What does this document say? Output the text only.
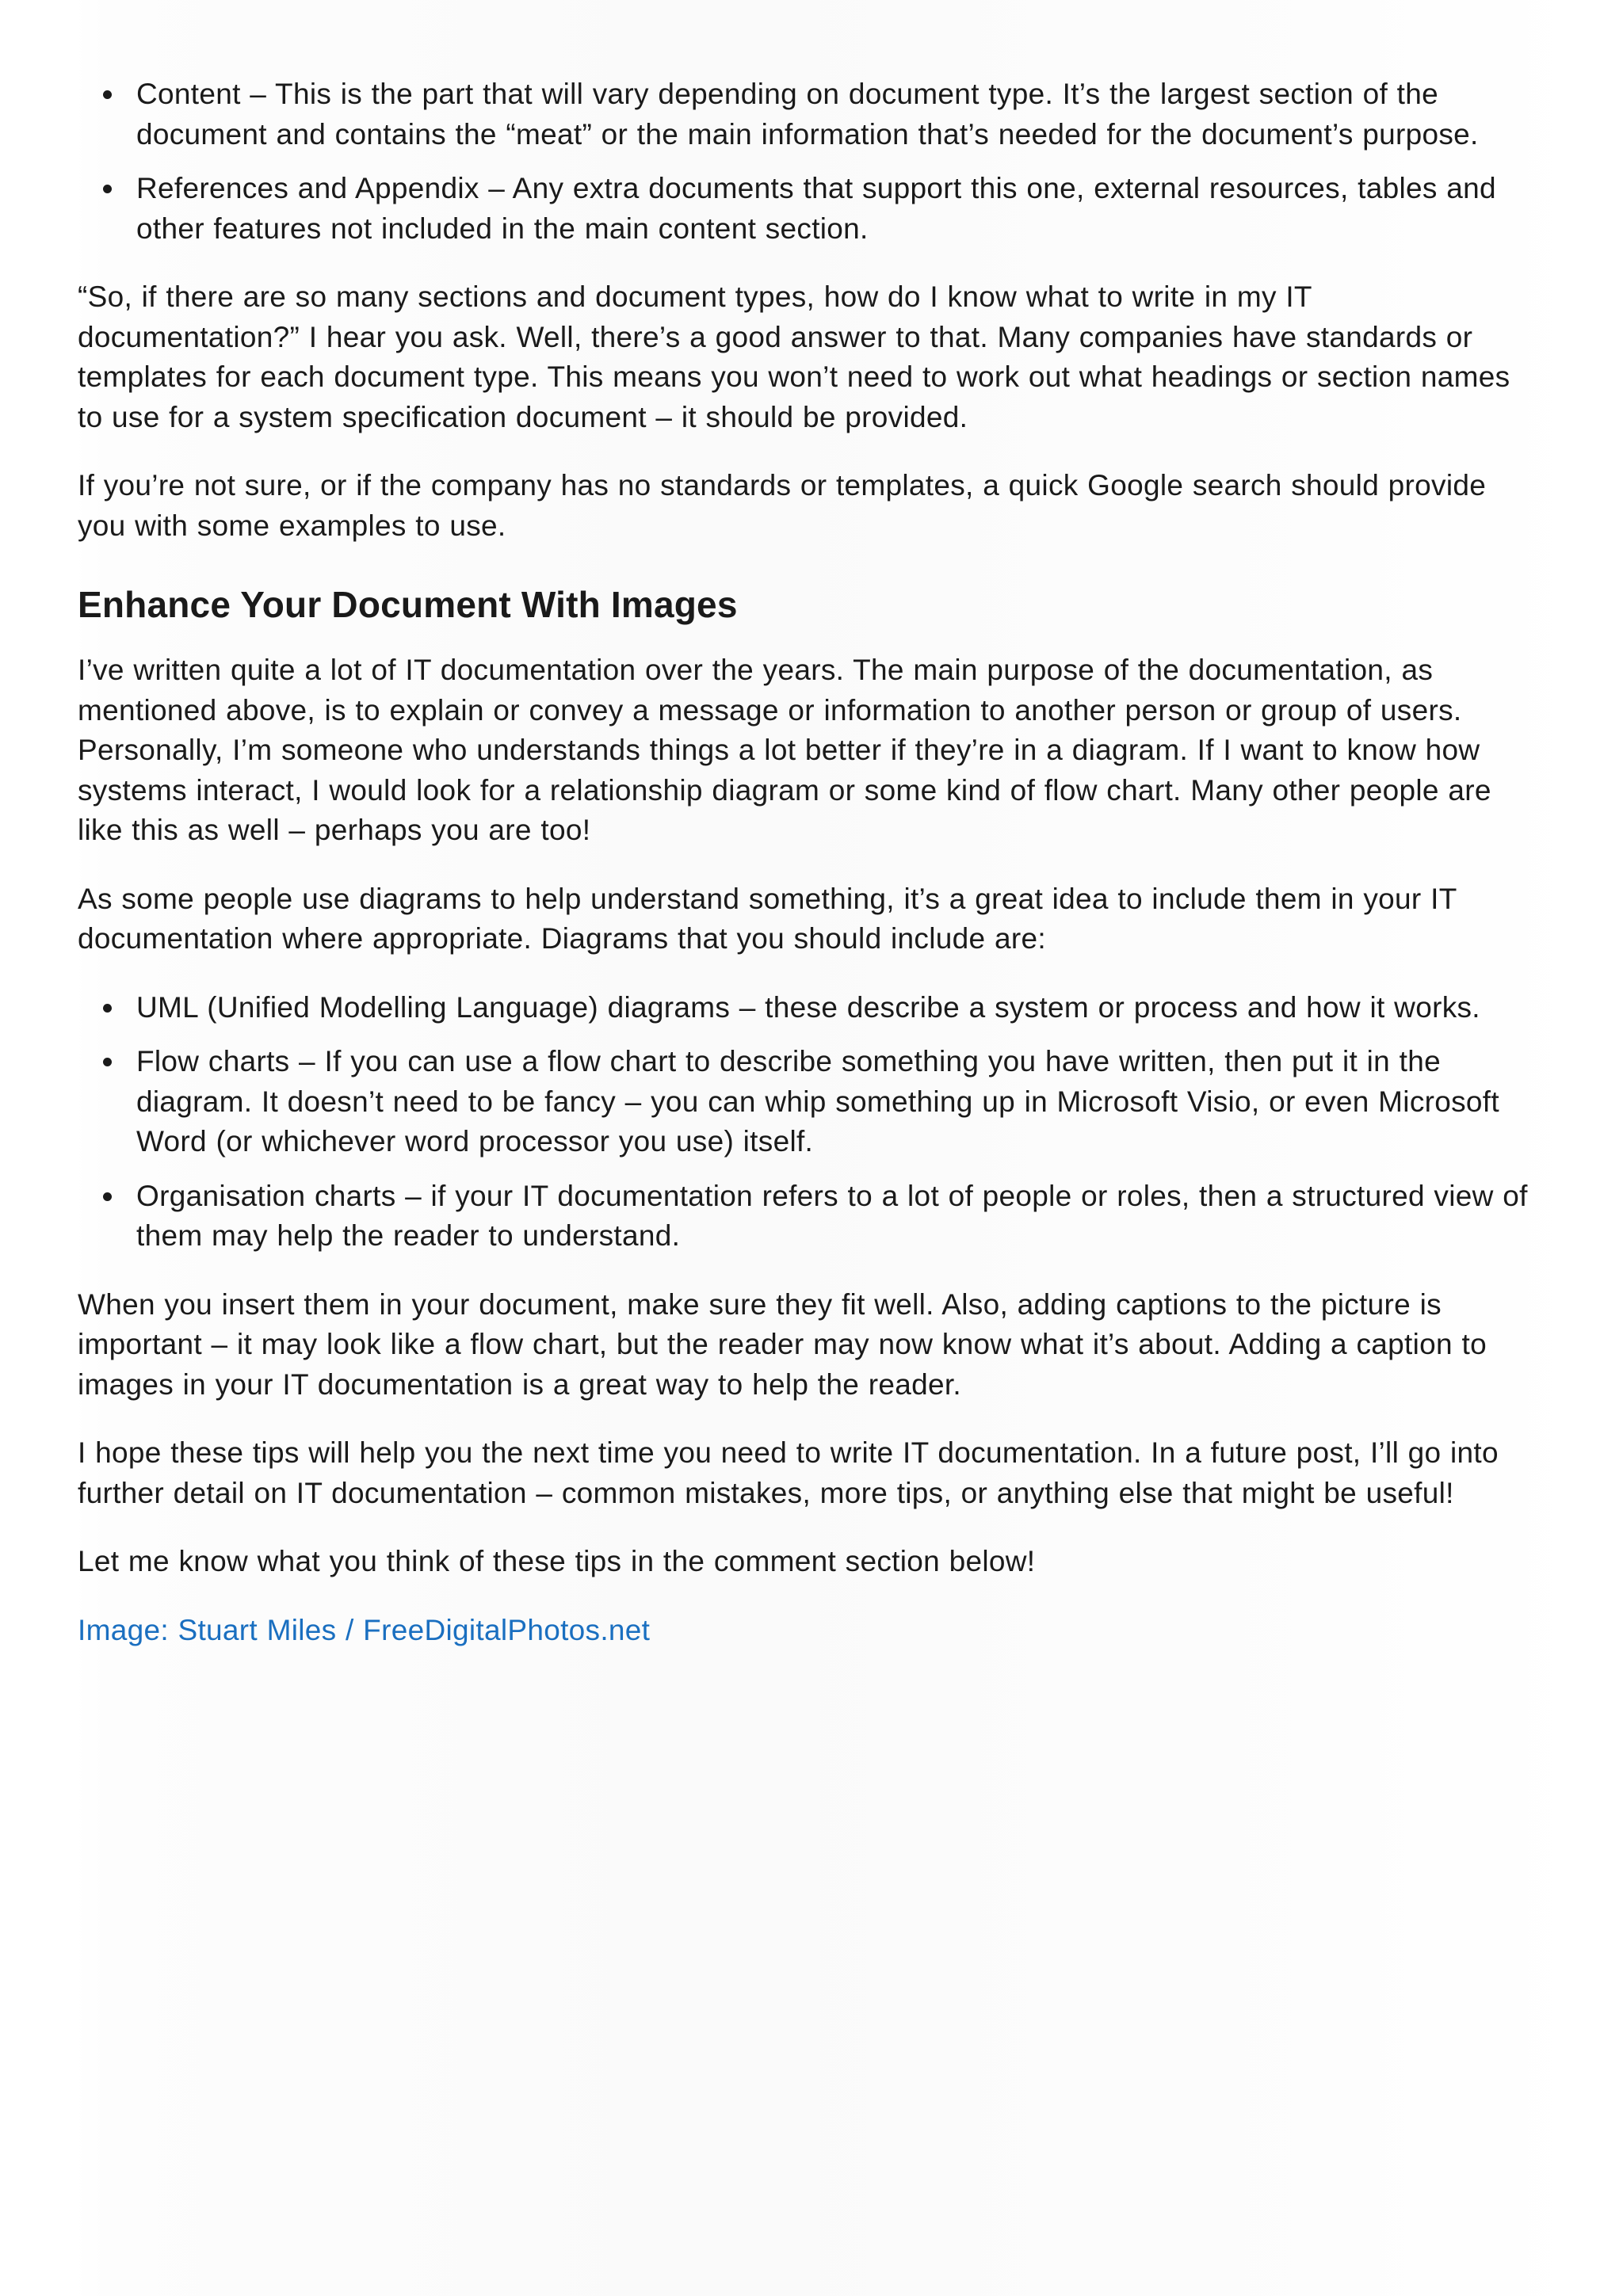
Content – This is the part that will vary depending on document type. It’s the largest section of the document and contains the “meat” or the main information that’s needed for the document’s purpose.
References and Appendix – Any extra documents that support this one, external resources, tables and other features not included in the main content section.

“So, if there are so many sections and document types, how do I know what to write in my IT documentation?” I hear you ask. Well, there’s a good answer to that. Many companies have standards or templates for each document type. This means you won’t need to work out what headings or section names to use for a system specification document – it should be provided.

If you’re not sure, or if the company has no standards or templates, a quick Google search should provide you with some examples to use.

Enhance Your Document With Images

I’ve written quite a lot of IT documentation over the years. The main purpose of the documentation, as mentioned above, is to explain or convey a message or information to another person or group of users. Personally, I’m someone who understands things a lot better if they’re in a diagram. If I want to know how systems interact, I would look for a relationship diagram or some kind of flow chart. Many other people are like this as well – perhaps you are too!

As some people use diagrams to help understand something, it’s a great idea to include them in your IT documentation where appropriate. Diagrams that you should include are:

UML (Unified Modelling Language) diagrams – these describe a system or process and how it works.
Flow charts – If you can use a flow chart to describe something you have written, then put it in the diagram. It doesn’t need to be fancy – you can whip something up in Microsoft Visio, or even Microsoft Word (or whichever word processor you use) itself.
Organisation charts – if your IT documentation refers to a lot of people or roles, then a structured view of them may help the reader to understand.

When you insert them in your document, make sure they fit well. Also, adding captions to the picture is important – it may look like a flow chart, but the reader may now know what it’s about. Adding a caption to images in your IT documentation is a great way to help the reader.

I hope these tips will help you the next time you need to write IT documentation. In a future post, I’ll go into further detail on IT documentation – common mistakes, more tips, or anything else that might be useful!

Let me know what you think of these tips in the comment section below!

Image: Stuart Miles / FreeDigitalPhotos.net
